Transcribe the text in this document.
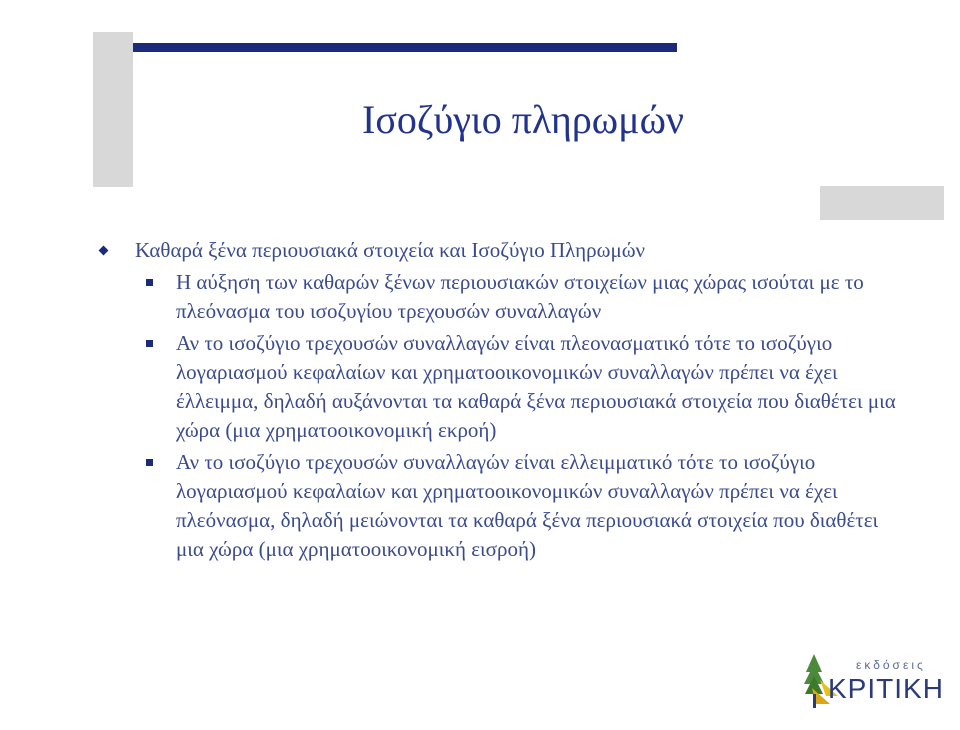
Ισοζύγιο πληρωμών
Καθαρά ξένα περιουσιακά στοιχεία και Ισοζύγιο Πληρωμών
Η αύξηση των καθαρών ξένων περιουσιακών στοιχείων μιας χώρας ισούται με το πλεόνασμα του ισοζυγίου τρεχουσών συναλλαγών
Αν το ισοζύγιο τρεχουσών συναλλαγών είναι πλεονασματικό τότε το ισοζύγιο λογαριασμού κεφαλαίων και χρηματοοικονομικών συναλλαγών πρέπει να έχει έλλειμμα, δηλαδή αυξάνονται τα καθαρά ξένα περιουσιακά στοιχεία που διαθέτει μια χώρα (μια χρηματοοικονομική εκροή)
Αν το ισοζύγιο τρεχουσών συναλλαγών είναι ελλειμματικό τότε το ισοζύγιο λογαριασμού κεφαλαίων και χρηματοοικονομικών συναλλαγών πρέπει να έχει πλεόνασμα, δηλαδή μειώνονται τα καθαρά ξένα περιουσιακά στοιχεία που διαθέτει μια χώρα (μια χρηματοοικονομική εισροή)
εκδόσεις
ΚΡΙΤΙΚΗ
